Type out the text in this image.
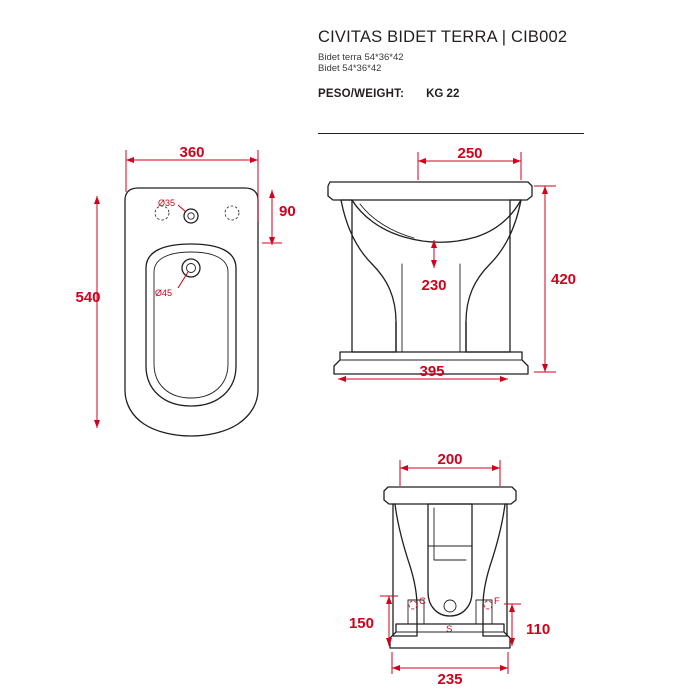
CIVITAS BIDET TERRA | CIB002
Bidet terra 54*36*42
Bidet 54*36*42
PESO/WEIGHT: KG 22
360
540
90
Ø35
Ø45
250
420
230
395
200
C	F
S
150	110
235
